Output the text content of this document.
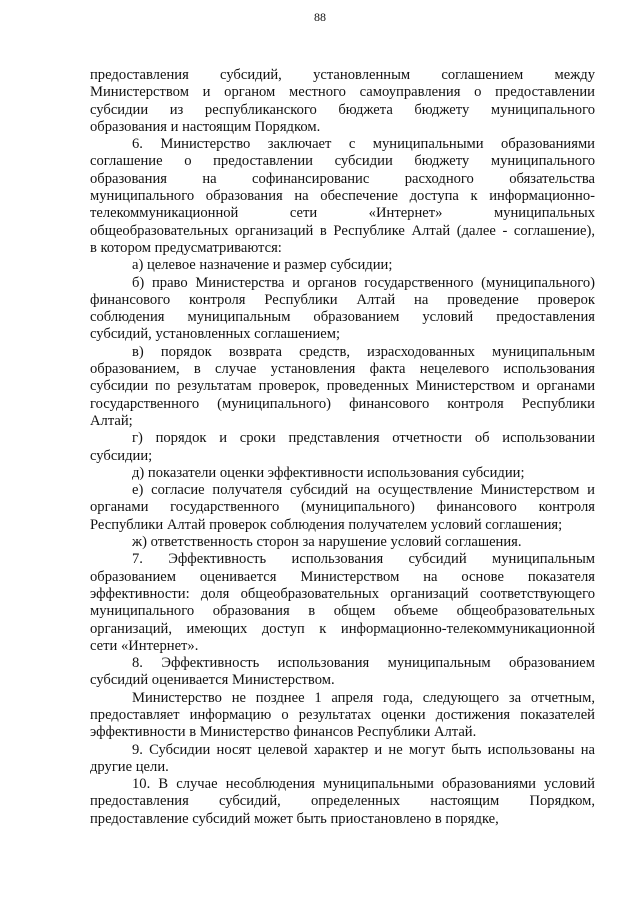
88
предоставления субсидий, установленным соглашением между
Министерством и органом местного самоуправления о предоставлении
субсидии из республиканского бюджета бюджету муниципального
образования и настоящим Порядком.
6. Министерство заключает с муниципальными образованиями
соглашение о предоставлении субсидии бюджету муниципального
образования на софинансированис расходного обязательства
муниципального образования на обеспечение доступа к информационно-
телекоммуникационной сети «Интернет» муниципальных
общеобразовательных организаций в Республике Алтай (далее - соглашение),
в котором предусматриваются:
а) целевое назначение и размер субсидии;
б) право Министерства и органов государственного (муниципального)
финансового контроля Республики Алтай на проведение проверок
соблюдения муниципальным образованием условий предоставления
субсидий, установленных соглашением;
в) порядок возврата средств, израсходованных муниципальным
образованием, в случае установления факта нецелевого использования
субсидии по результатам проверок, проведенных Министерством и органами
государственного (муниципального) финансового контроля Республики
Алтай;
г) порядок и сроки представления отчетности об использовании
субсидии;
д) показатели оценки эффективности использования субсидии;
е) согласие получателя субсидий на осуществление Министерством и
органами государственного (муниципального) финансового контроля
Республики Алтай проверок соблюдения получателем условий соглашения;
ж) ответственность сторон за нарушение условий соглашения.
7. Эффективность использования субсидий муниципальным
образованием оценивается Министерством на основе показателя
эффективности: доля общеобразовательных организаций соответствующего
муниципального образования в общем объеме общеобразовательных
организаций, имеющих доступ к информационно-телекоммуникационной
сети «Интернет».
8. Эффективность использования муниципальным образованием
субсидий оценивается Министерством.
Министерство не позднее 1 апреля года, следующего за отчетным,
предоставляет информацию о результатах оценки достижения показателей
эффективности в Министерство финансов Республики Алтай.
9. Субсидии носят целевой характер и не могут быть использованы на
другие цели.
10. В случае несоблюдения муниципальными образованиями условий
предоставления субсидий, определенных настоящим Порядком,
предоставление субсидий может быть приостановлено в порядке,
